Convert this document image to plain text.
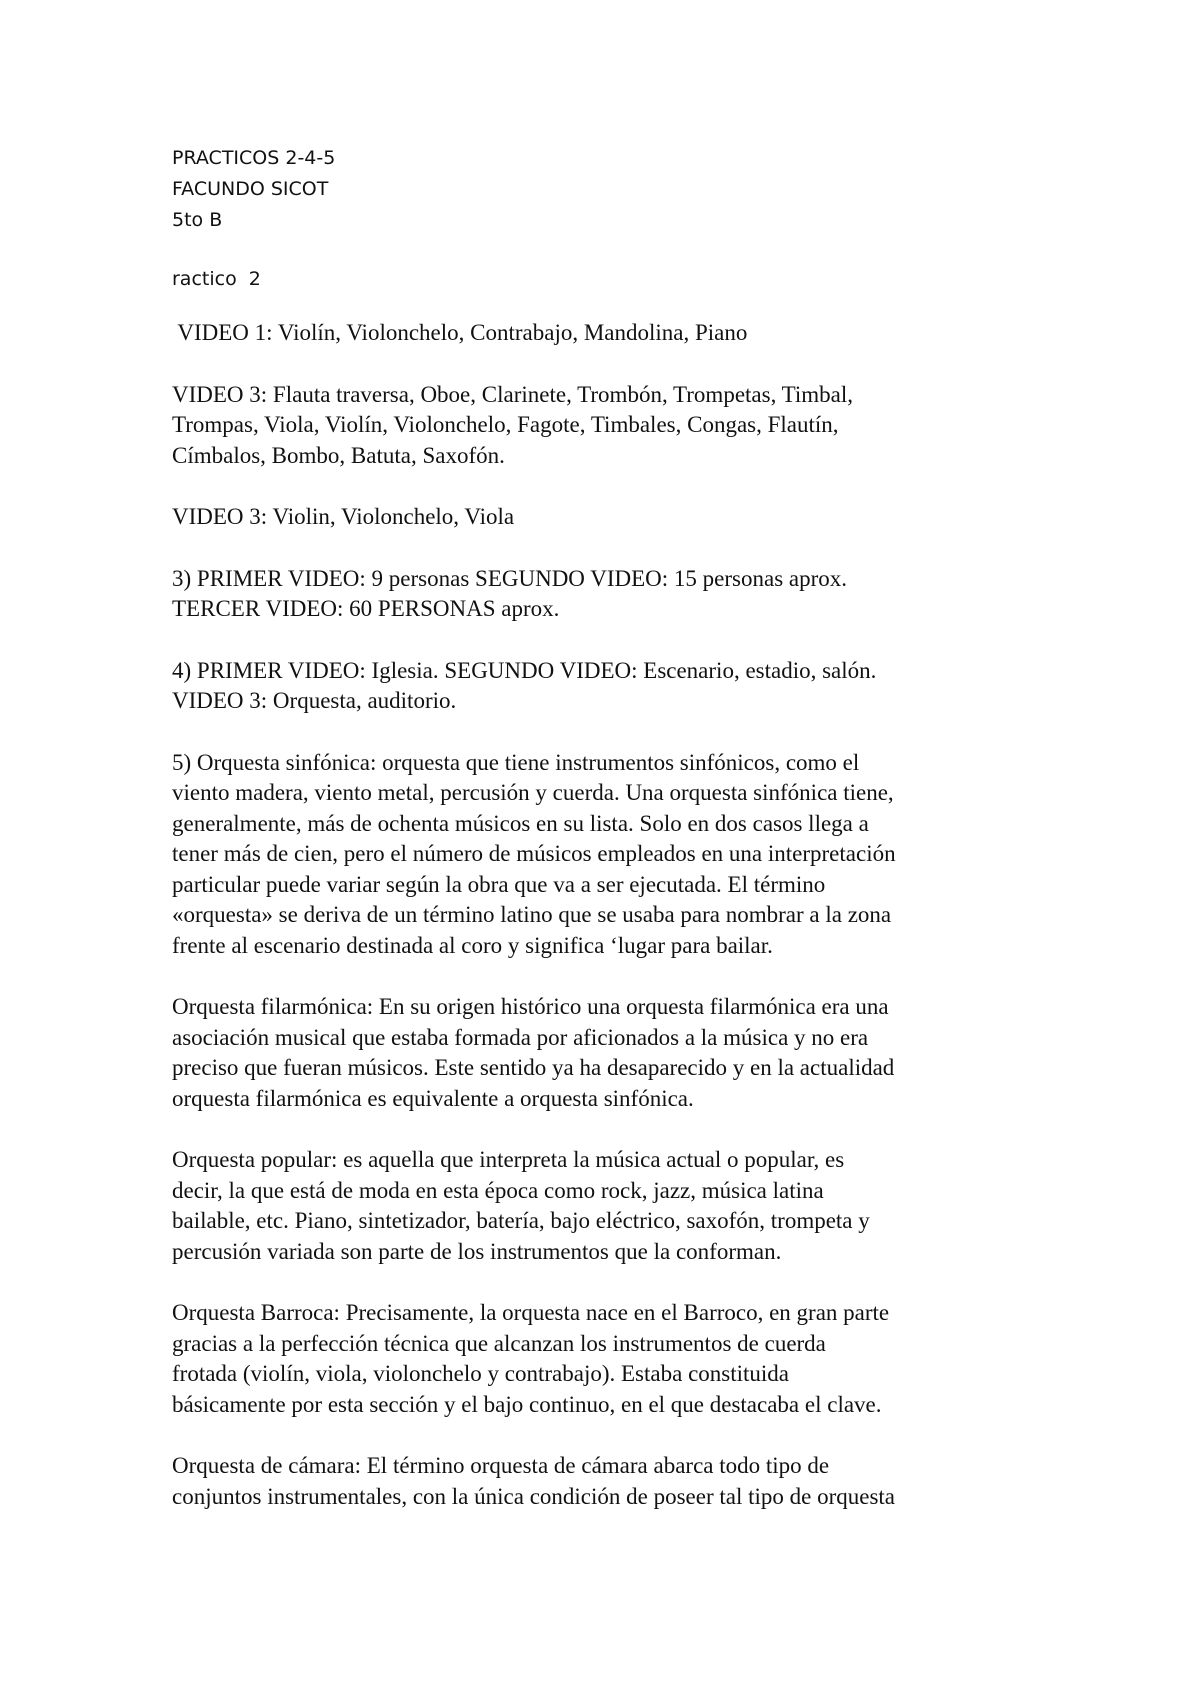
PRACTICOS 2-4-5
FACUNDO SICOT
5to B
ractico  2
VIDEO 1: Violín, Violonchelo, Contrabajo, Mandolina, Piano
VIDEO 3: Flauta traversa, Oboe, Clarinete, Trombón, Trompetas, Timbal,
Trompas, Viola, Violín, Violonchelo, Fagote, Timbales, Congas, Flautín,
Címbalos, Bombo, Batuta, Saxofón.
VIDEO 3: Violin, Violonchelo, Viola
3) PRIMER VIDEO: 9 personas SEGUNDO VIDEO: 15 personas aprox.
TERCER VIDEO: 60 PERSONAS aprox.
4) PRIMER VIDEO: Iglesia. SEGUNDO VIDEO: Escenario, estadio, salón.
VIDEO 3: Orquesta, auditorio.
5) Orquesta sinfónica: orquesta que tiene instrumentos sinfónicos, como el
viento madera, viento metal, percusión y cuerda. Una orquesta sinfónica tiene,
generalmente, más de ochenta músicos en su lista. Solo en dos casos llega a
tener más de cien, pero el número de músicos empleados en una interpretación
particular puede variar según la obra que va a ser ejecutada. El término
«orquesta» se deriva de un término latino que se usaba para nombrar a la zona
frente al escenario destinada al coro y significa ‘lugar para bailar.
Orquesta filarmónica: En su origen histórico una orquesta filarmónica era una
asociación musical que estaba formada por aficionados a la música y no era
preciso que fueran músicos. Este sentido ya ha desaparecido y en la actualidad
orquesta filarmónica es equivalente a orquesta sinfónica.
Orquesta popular: es aquella que interpreta la música actual o popular, es
decir, la que está de moda en esta época como rock, jazz, música latina
bailable, etc. Piano, sintetizador, batería, bajo eléctrico, saxofón, trompeta y
percusión variada son parte de los instrumentos que la conforman.
Orquesta Barroca: Precisamente, la orquesta nace en el Barroco, en gran parte
gracias a la perfección técnica que alcanzan los instrumentos de cuerda
frotada (violín, viola, violonchelo y contrabajo). Estaba constituida
básicamente por esta sección y el bajo continuo, en el que destacaba el clave.
Orquesta de cámara: El término orquesta de cámara abarca todo tipo de
conjuntos instrumentales, con la única condición de poseer tal tipo de orquesta
